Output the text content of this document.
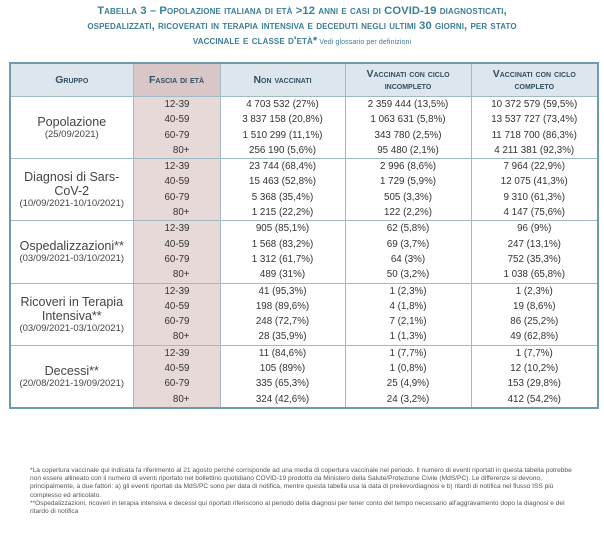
Tabella 3 – Popolazione italiana di età >12 anni e casi di COVID-19 diagnosticati,
ospedalizzati, ricoverati in terapia intensiva e deceduti negli ultimi 30 giorni, per stato
vaccinale e classe d'età* Vedi glossario per definizioni
Gruppo	Fascia di età	Non vaccinati	Vaccinati con ciclo incompleto	Vaccinati con ciclo completo
Popolazione
(25/09/2021)	12-39	4 703 532 (27%)	2 359 444 (13,5%)	10 372 579 (59,5%)
	40-59	3 837 158 (20,8%)	1 063 631 (5,8%)	13 537 727 (73,4%)
	60-79	1 510 299 (11,1%)	343 780 (2,5%)	11 718 700 (86,3%)
	80+	256 190 (5,6%)	95 480 (2,1%)	4 211 381 (92,3%)
Diagnosi di Sars-CoV-2
(10/09/2021-10/10/2021)	12-39	23 744 (68,4%)	2 996 (8,6%)	7 964 (22,9%)
	40-59	15 463 (52,8%)	1 729 (5,9%)	12 075 (41,3%)
	60-79	5 368 (35,4%)	505 (3,3%)	9 310 (61,3%)
	80+	1 215 (22,2%)	122 (2,2%)	4 147 (75,6%)
Ospedalizzazioni**
(03/09/2021-03/10/2021)	12-39	905 (85,1%)	62 (5,8%)	96 (9%)
	40-59	1 568 (83,2%)	69 (3,7%)	247 (13,1%)
	60-79	1 312 (61,7%)	64 (3%)	752 (35,3%)
	80+	489 (31%)	50 (3,2%)	1 038 (65,8%)
Ricoveri in Terapia Intensiva**
(03/09/2021-03/10/2021)	12-39	41 (95,3%)	1 (2,3%)	1 (2,3%)
	40-59	198 (89,6%)	4 (1,8%)	19 (8,6%)
	60-79	248 (72,7%)	7 (2,1%)	86 (25,2%)
	80+	28 (35,9%)	1 (1,3%)	49 (62,8%)
Decessi**
(20/08/2021-19/09/2021)	12-39	11 (84,6%)	1 (7,7%)	1 (7,7%)
	40-59	105 (89%)	1 (0,8%)	12 (10,2%)
	60-79	335 (65,3%)	25 (4,9%)	153 (29,8%)
	80+	324 (42,6%)	24 (3,2%)	412 (54,2%)

*La copertura vaccinale qui indicata fa riferimento al 21 agosto perché corrisponde ad una media di copertura vaccinale nel periodo. Il numero di eventi riportati in questa tabella potrebbe non essere allineato con il numero di eventi riportato nel bollettino quotidiano COVID-19 prodotto da Ministero della Salute/Protezione Civile (MdS/PC). Le differenze si devono, principalmente, a due fattori: a) gli eventi riportati da MdS/PC sono per data di notifica, mentre questa tabella usa la data di prelievo/diagnosi e b) ritardi di notifica nel flusso ISS più complesso ed articolato.

**Ospedalizzazioni, ricoveri in terapia intensiva e decessi qui riportati riferiscono al periodo della diagnosi per tener conto del tempo necessario all'aggravamento dopo la diagnosi e del ritardo di notifica
